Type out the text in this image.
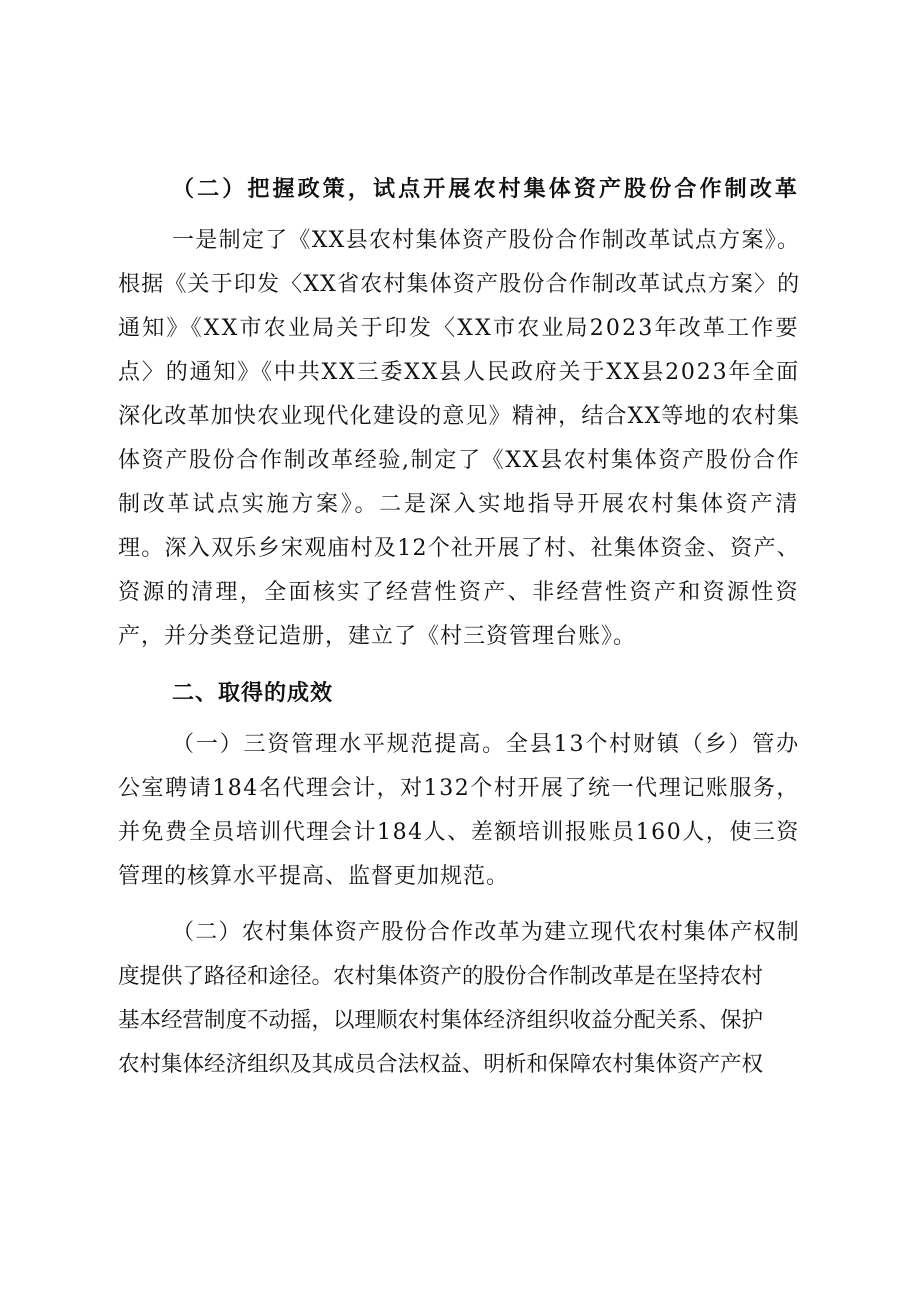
（二）把握政策，试点开展农村集体资产股份合作制改革
一是制定了《XX县农村集体资产股份合作制改革试点方案》。
根据《关于印发〈XX省农村集体资产股份合作制改革试点方案〉的
通知》《XX市农业局关于印发〈XX市农业局2023年改革工作要
点〉的通知》《中共XX三委XX县人民政府关于XX县2023年全面
深化改革加快农业现代化建设的意见》精神，结合XX等地的农村集
体资产股份合作制改革经验,制定了《XX县农村集体资产股份合作
制改革试点实施方案》。二是深入实地指导开展农村集体资产清
理。深入双乐乡宋观庙村及12个社开展了村、社集体资金、资产、
资源的清理，全面核实了经营性资产、非经营性资产和资源性资
产，并分类登记造册，建立了《村三资管理台账》。
二、取得的成效
（一）三资管理水平规范提高。全县13个村财镇（乡）管办
公室聘请184名代理会计，对132个村开展了统一代理记账服务，
并免费全员培训代理会计184人、差额培训报账员160人，使三资
管理的核算水平提高、监督更加规范。
（二）农村集体资产股份合作改革为建立现代农村集体产权制
度提供了路径和途径。农村集体资产的股份合作制改革是在坚持农村
基本经营制度不动摇，以理顺农村集体经济组织收益分配关系、保护
农村集体经济组织及其成员合法权益、明析和保障农村集体资产产权
